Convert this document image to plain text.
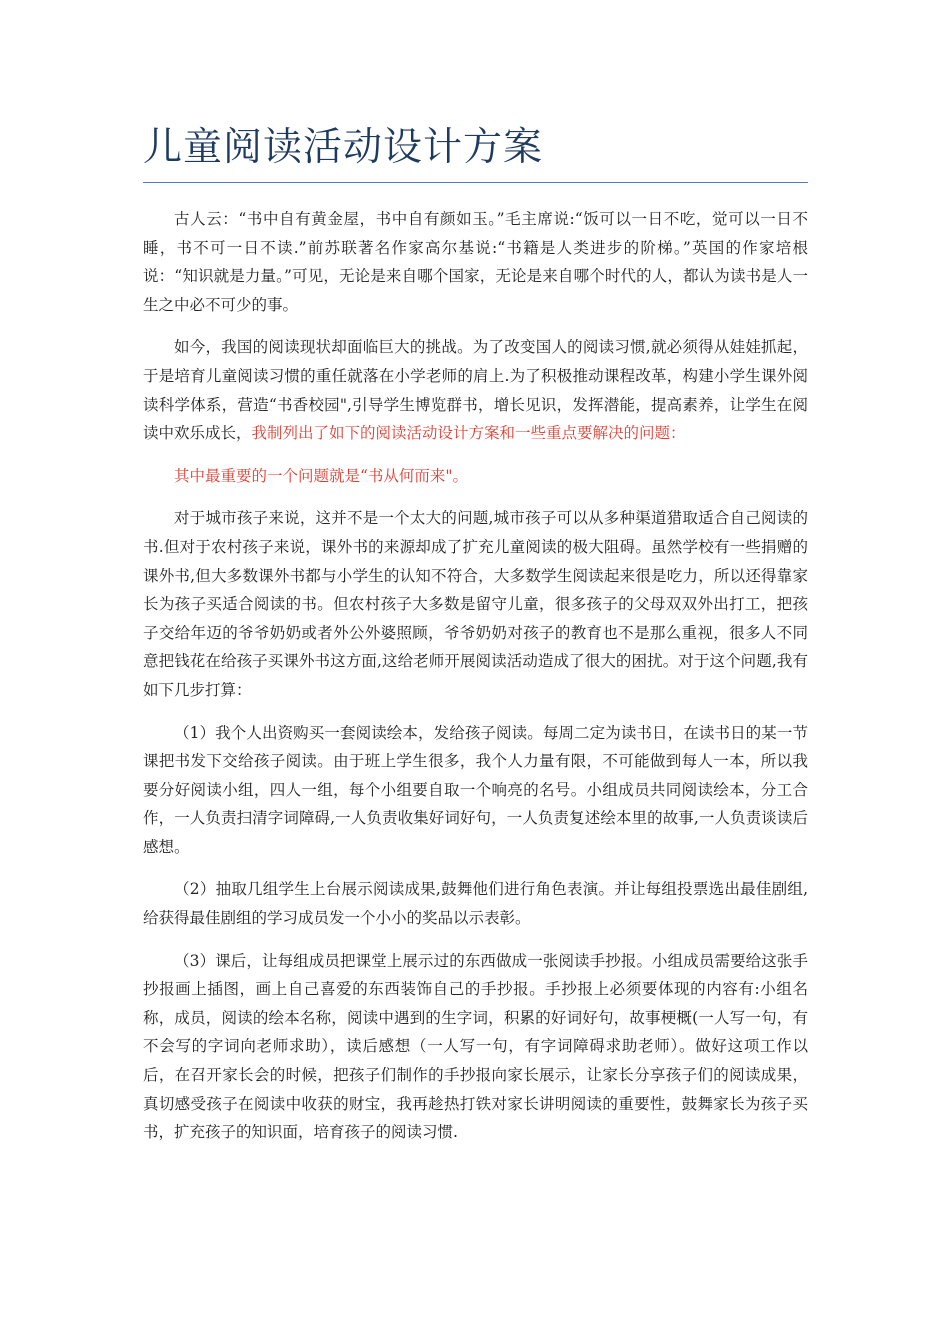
儿童阅读活动设计方案

古人云：“书中自有黄金屋，书中自有颜如玉。”毛主席说:“饭可以一日不吃，觉可以一日不睡，书不可一日不读.”前苏联著名作家高尔基说:“书籍是人类进步的阶梯。”英国的作家培根说：“知识就是力量。”可见，无论是来自哪个国家，无论是来自哪个时代的人，都认为读书是人一生之中必不可少的事。

如今，我国的阅读现状却面临巨大的挑战。为了改变国人的阅读习惯,就必须得从娃娃抓起，于是培育儿童阅读习惯的重任就落在小学老师的肩上.为了积极推动课程改革，构建小学生课外阅读科学体系，营造“书香校园",引导学生博览群书，增长见识，发挥潜能，提高素养，让学生在阅读中欢乐成长，我制列出了如下的阅读活动设计方案和一些重点要解决的问题：

其中最重要的一个问题就是“书从何而来"。

对于城市孩子来说，这并不是一个太大的问题,城市孩子可以从多种渠道猎取适合自己阅读的书.但对于农村孩子来说，课外书的来源却成了扩充儿童阅读的极大阻碍。虽然学校有一些捐赠的课外书,但大多数课外书都与小学生的认知不符合，大多数学生阅读起来很是吃力，所以还得靠家长为孩子买适合阅读的书。但农村孩子大多数是留守儿童，很多孩子的父母双双外出打工，把孩子交给年迈的爷爷奶奶或者外公外婆照顾，爷爷奶奶对孩子的教育也不是那么重视，很多人不同意把钱花在给孩子买课外书这方面,这给老师开展阅读活动造成了很大的困扰。对于这个问题,我有如下几步打算：

（1）我个人出资购买一套阅读绘本，发给孩子阅读。每周二定为读书日，在读书日的某一节课把书发下交给孩子阅读。由于班上学生很多，我个人力量有限，不可能做到每人一本，所以我要分好阅读小组，四人一组，每个小组要自取一个响亮的名号。小组成员共同阅读绘本，分工合作，一人负责扫清字词障碍,一人负责收集好词好句，一人负责复述绘本里的故事,一人负责谈读后感想。

（2）抽取几组学生上台展示阅读成果,鼓舞他们进行角色表演。并让每组投票选出最佳剧组,给获得最佳剧组的学习成员发一个小小的奖品以示表彰。

（3）课后，让每组成员把课堂上展示过的东西做成一张阅读手抄报。小组成员需要给这张手抄报画上插图，画上自己喜爱的东西装饰自己的手抄报。手抄报上必须要体现的内容有:小组名称，成员，阅读的绘本名称，阅读中遇到的生字词，积累的好词好句，故事梗概(一人写一句，有不会写的字词向老师求助），读后感想（一人写一句，有字词障碍求助老师）。做好这项工作以后，在召开家长会的时候，把孩子们制作的手抄报向家长展示，让家长分享孩子们的阅读成果，真切感受孩子在阅读中收获的财宝，我再趁热打铁对家长讲明阅读的重要性，鼓舞家长为孩子买书，扩充孩子的知识面，培育孩子的阅读习惯.
